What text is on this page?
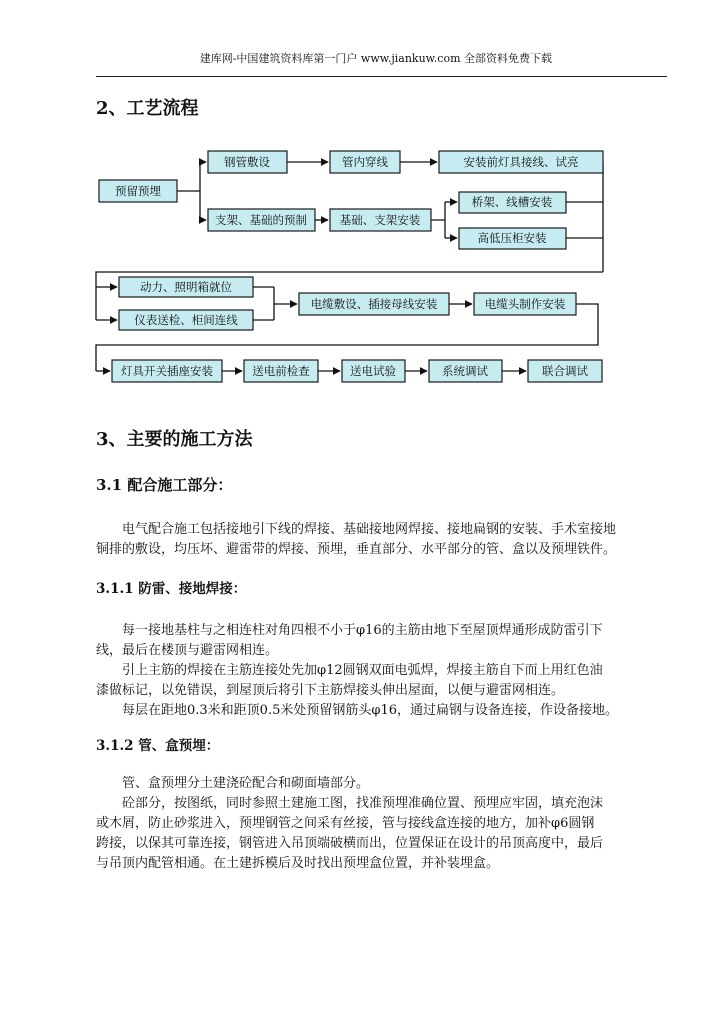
建库网-中国建筑资料库第一门户 www.jiankuw.com 全部资料免费下载
2、工艺流程
预留预埋
钢管敷设	管内穿线	安装前灯具接线、试亮
支架、基础的预制	基础、支架安装
桥架、线槽安装
高低压柜安装
动力、照明箱就位
仪表送检、柜间连线
电缆敷设、插接母线安装	电缆头制作安装
灯具开关插座安装	送电前检查	送电试验	系统调试	联合调试
3、主要的施工方法
3.1 配合施工部分：
电气配合施工包括接地引下线的焊接、基础接地网焊接、接地扁钢的安装、手术室接地
铜排的敷设，均压坏、避雷带的焊接、预埋，垂直部分、水平部分的管、盒以及预埋铁件。
3.1.1 防雷、接地焊接：
每一接地基柱与之相连柱对角四根不小于φ16的主筋由地下至屋顶焊通形成防雷引下
线，最后在楼顶与避雷网相连。
引上主筋的焊接在主筋连接处先加φ12圆钢双面电弧焊，焊接主筋自下而上用红色油
漆做标记，以免错误，到屋顶后将引下主筋焊接头伸出屋面，以便与避雷网相连。
每层在距地0.3米和距顶0.5米处预留钢筋头φ16，通过扁钢与设备连接，作设备接地。
3.1.2 管、盒预埋：
管、盒预埋分土建浇砼配合和砌面墙部分。
砼部分，按图纸，同时参照土建施工图，找准预埋准确位置、预埋应牢固，填充泡沫
或木屑，防止砂浆进入，预埋钢管之间采有丝接，管与接线盒连接的地方，加补φ6圆钢
跨接，以保其可靠连接，钢管进入吊顶端破横而出，位置保证在设计的吊顶高度中，最后
与吊顶内配管相通。在土建拆模后及时找出预埋盒位置，并补装埋盒。
